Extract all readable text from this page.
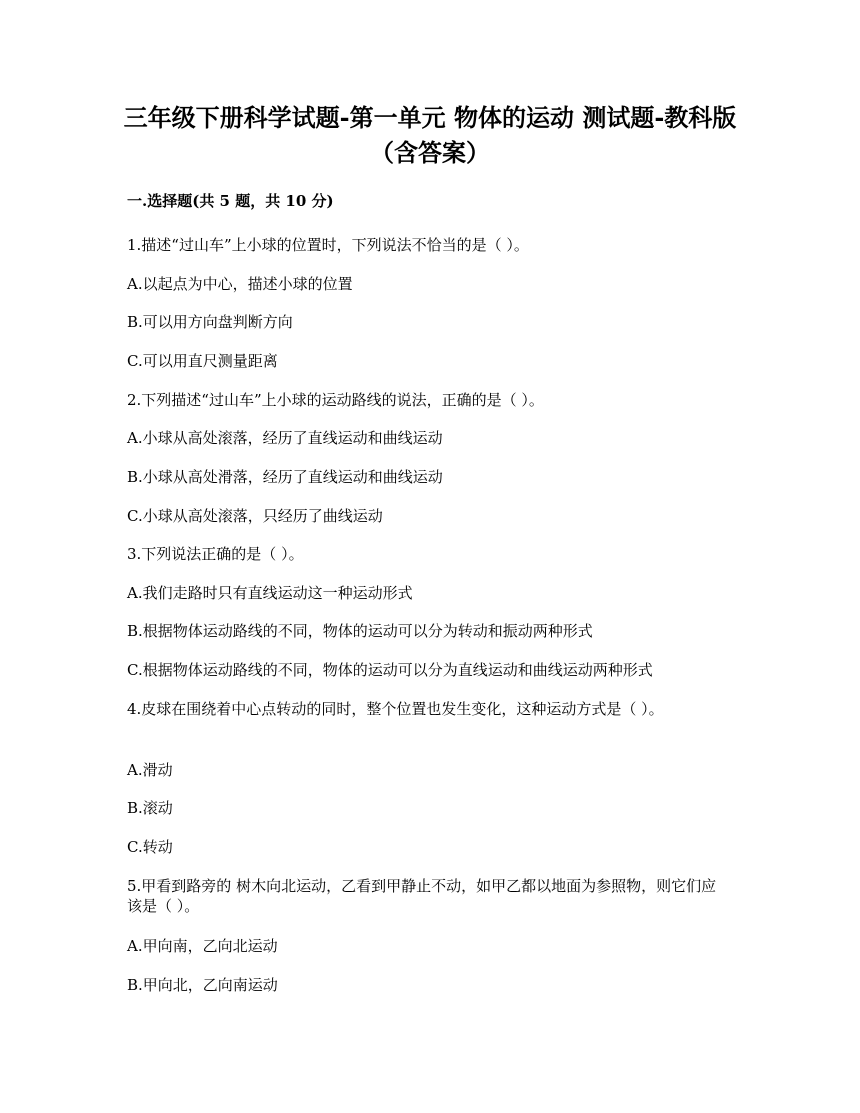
三年级下册科学试题-第一单元 物体的运动 测试题-教科版（含答案）

一.选择题(共 5 题，共 10 分)

1.描述“过山车”上小球的位置时，下列说法不恰当的是（ ）。

A.以起点为中心，描述小球的位置

B.可以用方向盘判断方向

C.可以用直尺测量距离

2.下列描述“过山车”上小球的运动路线的说法，正确的是（ ）。

A.小球从高处滚落，经历了直线运动和曲线运动

B.小球从高处滑落，经历了直线运动和曲线运动

C.小球从高处滚落，只经历了曲线运动

3.下列说法正确的是（ ）。

A.我们走路时只有直线运动这一种运动形式

B.根据物体运动路线的不同，物体的运动可以分为转动和振动两种形式

C.根据物体运动路线的不同，物体的运动可以分为直线运动和曲线运动两种形式

4.皮球在围绕着中心点转动的同时，整个位置也发生变化，这种运动方式是（ ）。

A.滑动

B.滚动

C.转动

5.甲看到路旁的 树木向北运动，乙看到甲静止不动，如甲乙都以地面为参照物，则它们应该是（ ）。

A.甲向南，乙向北运动

B.甲向北，乙向南运动
